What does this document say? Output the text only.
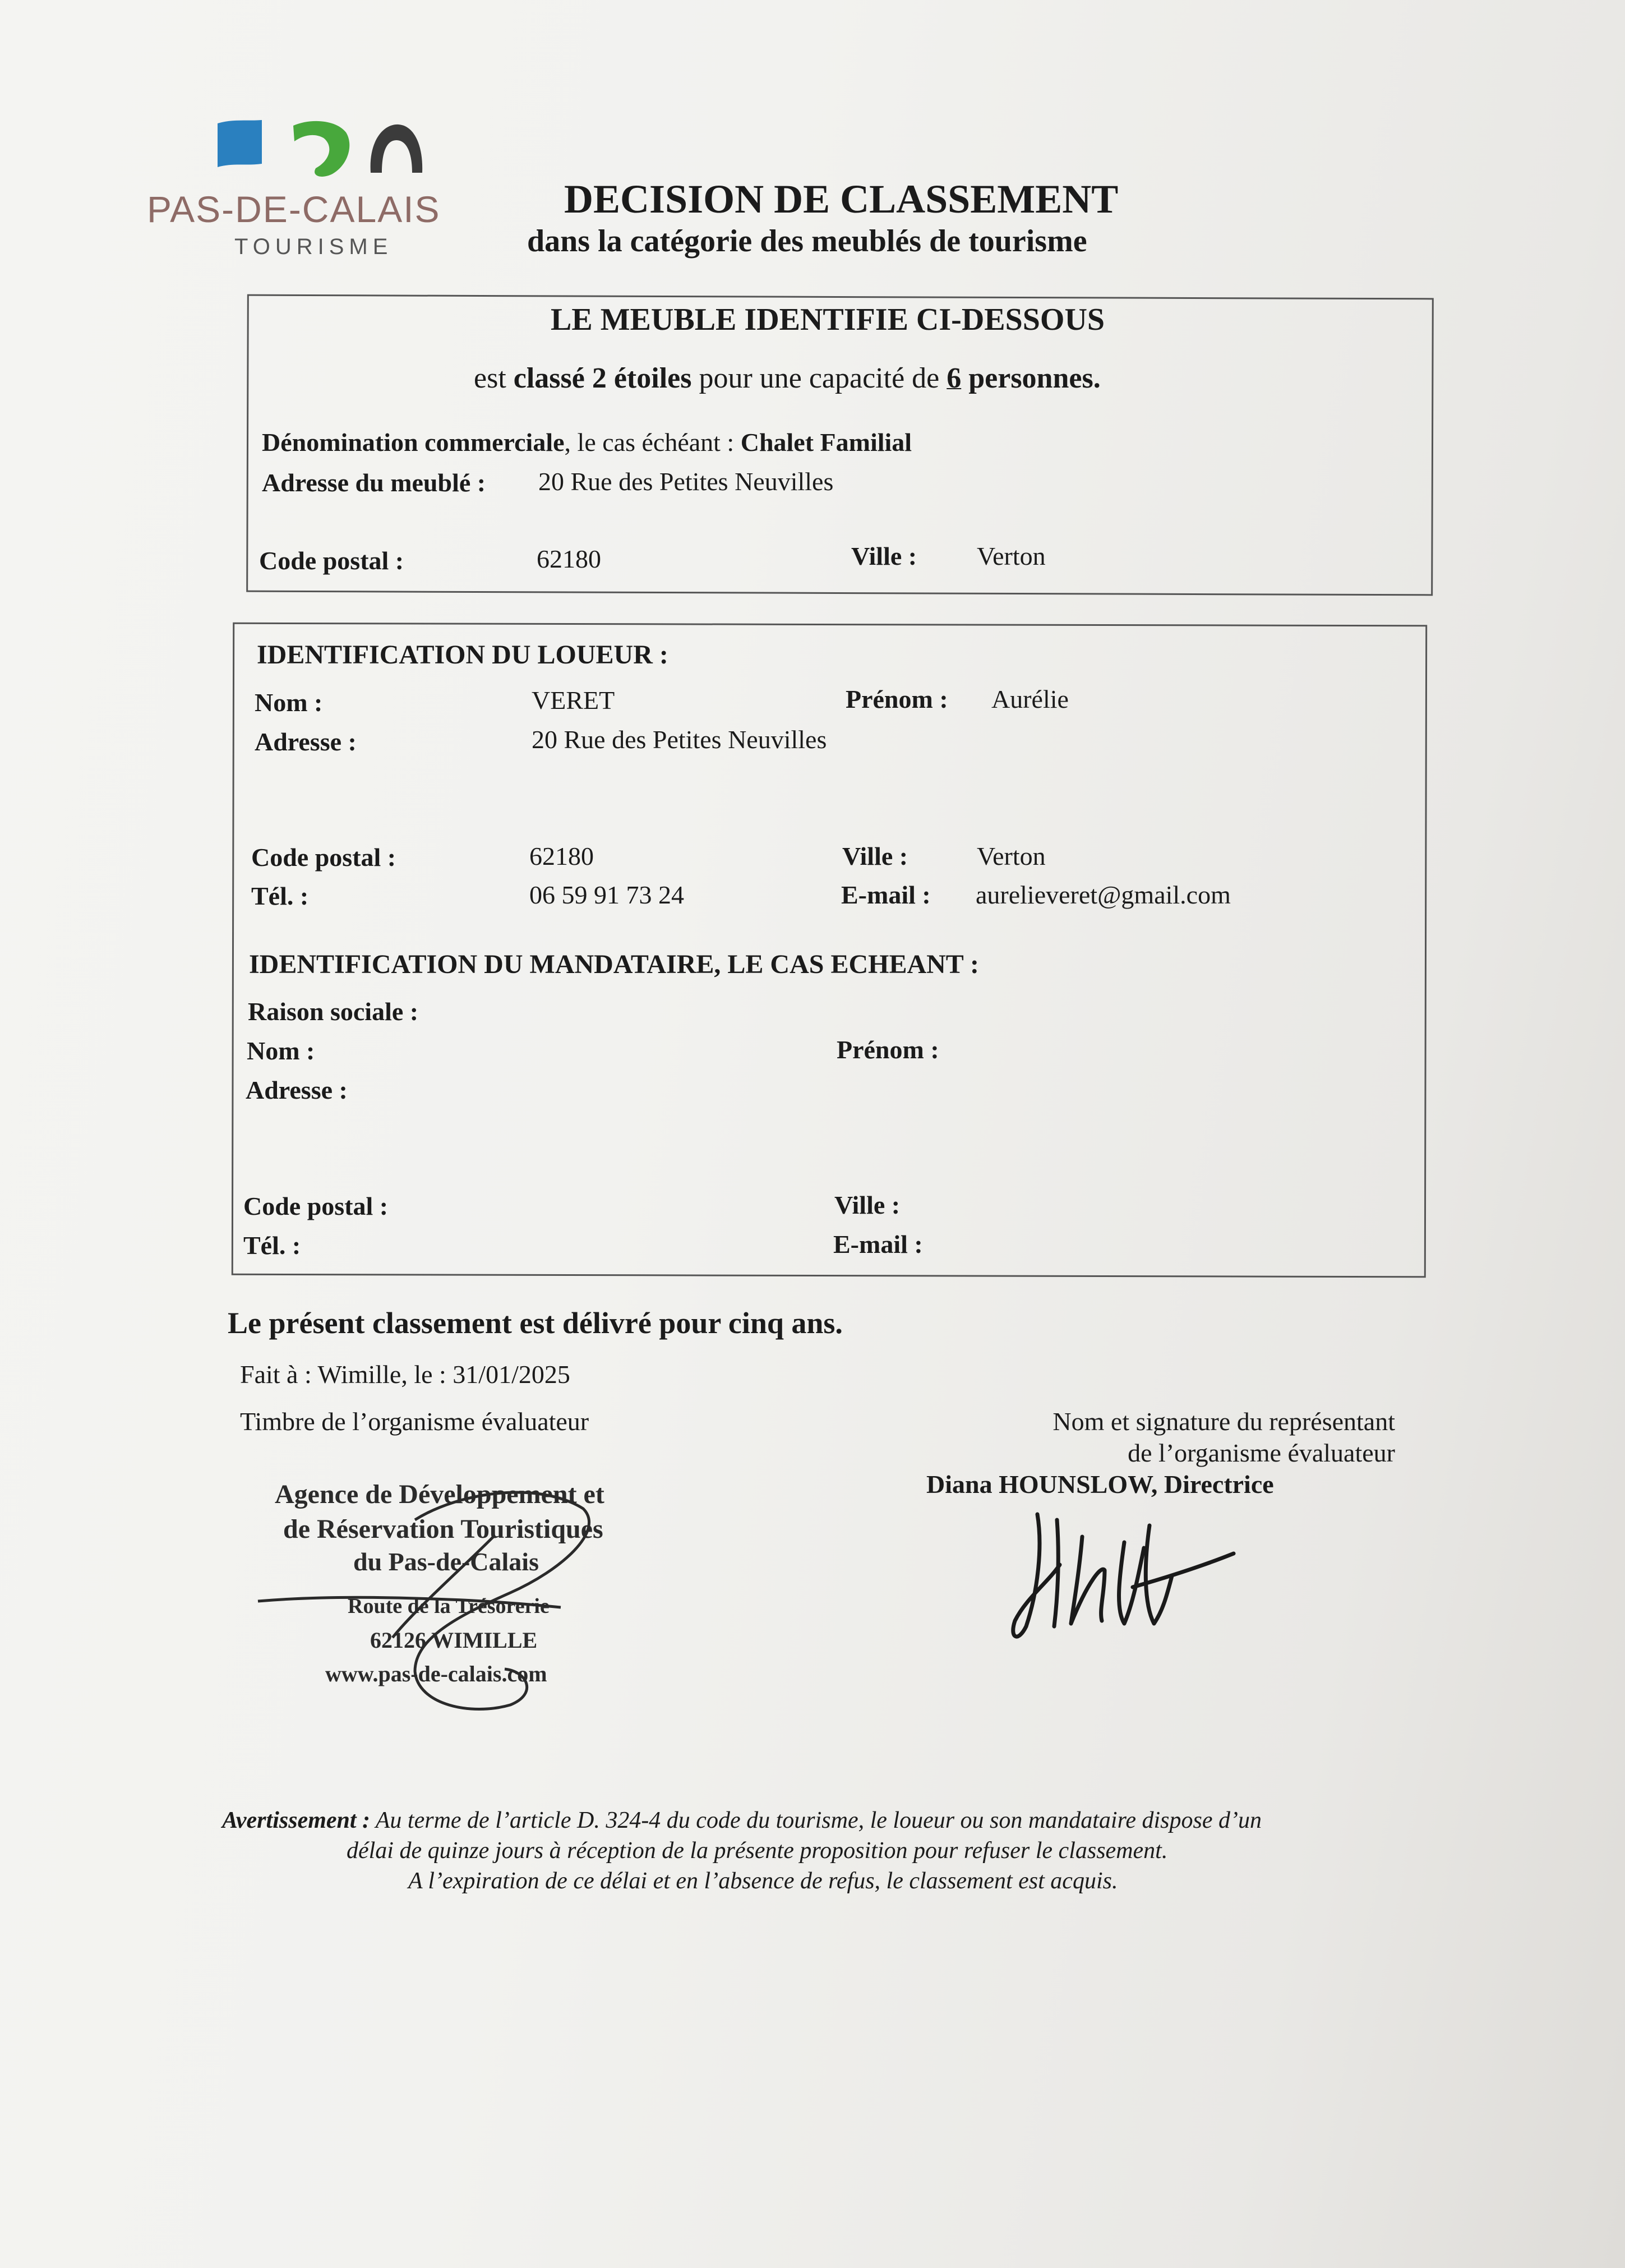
PAS-DE-CALAIS
TOURISME
DECISION DE CLASSEMENT
dans la catégorie des meublés de tourisme
LE MEUBLE IDENTIFIE CI-DESSOUS
est classé 2 étoiles pour une capacité de 6 personnes.
Dénomination commerciale, le cas échéant : Chalet Familial
Adresse du meublé : 20 Rue des Petites Neuvilles
Code postal :	62180	Ville : Verton
IDENTIFICATION DU LOUEUR :
Nom :	VERET	Prénom : Aurélie
Adresse :	20 Rue des Petites Neuvilles
Code postal :	62180	Ville :	Verton
Tél. :	06 59 91 73 24	E-mail : aurelieveret@gmail.com
IDENTIFICATION DU MANDATAIRE, LE CAS ECHEANT :
Raison sociale :
Nom :	Prénom :
Adresse :
Code postal :	Ville :
Tél. :	E-mail :
Le présent classement est délivré pour cinq ans.
Fait à : Wimille, le : 31/01/2025
Timbre de l’organisme évaluateur	Nom et signature du représentant
de l’organisme évaluateur
Diana HOUNSLOW, Directrice
Agence de Développement et
de Réservation Touristiques
du Pas-de-Calais
Route de la Trésorerie
62126 WIMILLE
www.pas-de-calais.com
Avertissement : Au terme de l’article D. 324-4 du code du tourisme, le loueur ou son mandataire dispose d’un
délai de quinze jours à réception de la présente proposition pour refuser le classement.
A l’expiration de ce délai et en l’absence de refus, le classement est acquis.
